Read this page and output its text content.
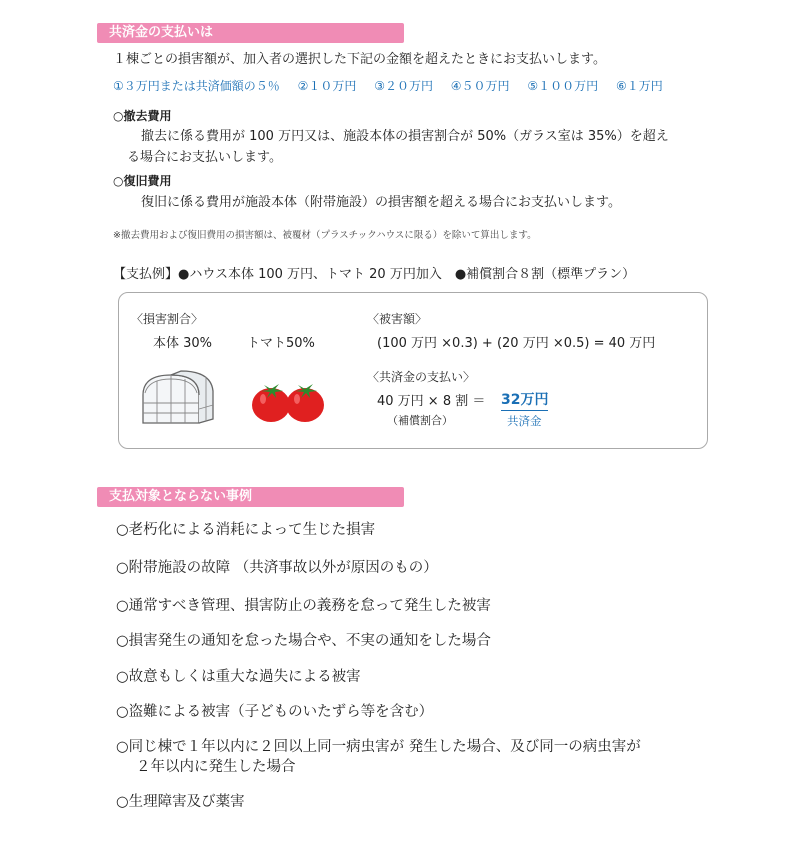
共済金の支払いは
１棟ごとの損害額が、加入者の選択した下記の金額を超えたときにお支払いします。
①３万円または共済価額の５％ ②１０万円 ③２０万円 ④５０万円 ⑤１００万円 ⑥１万円
○撤去費用
撤去に係る費用が 100 万円又は、施設本体の損害割合が 50%（ガラス室は 35%）を超え
る場合にお支払いします。
○復旧費用
復旧に係る費用が施設本体（附帯施設）の損害額を超える場合にお支払いします。
※撤去費用および復旧費用の損害額は、被覆材（プラスチックハウスに限る）を除いて算出します。
【支払例】●ハウス本体 100 万円、トマト 20 万円加入　●補償割合８割（標準プラン）
〈損害割合〉
本体 30%	トマト50%
〈被害額〉
(100 万円 ×0.3) + (20 万円 ×0.5) = 40 万円
〈共済金の支払い〉
40 万円 × 8 割 ＝ 32万円
（補償割合）	共済金
支払対象とならない事例
○老朽化による消耗によって生じた損害
○附帯施設の故障 （共済事故以外が原因のもの）
○通常すべき管理、損害防止の義務を怠って発生した被害
○損害発生の通知を怠った場合や、不実の通知をした場合
○故意もしくは重大な過失による被害
○盗難による被害（子どものいたずら等を含む）
○同じ棟で１年以内に２回以上同一病虫害が 発生した場合、及び同一の病虫害が
２年以内に発生した場合
○生理障害及び薬害
